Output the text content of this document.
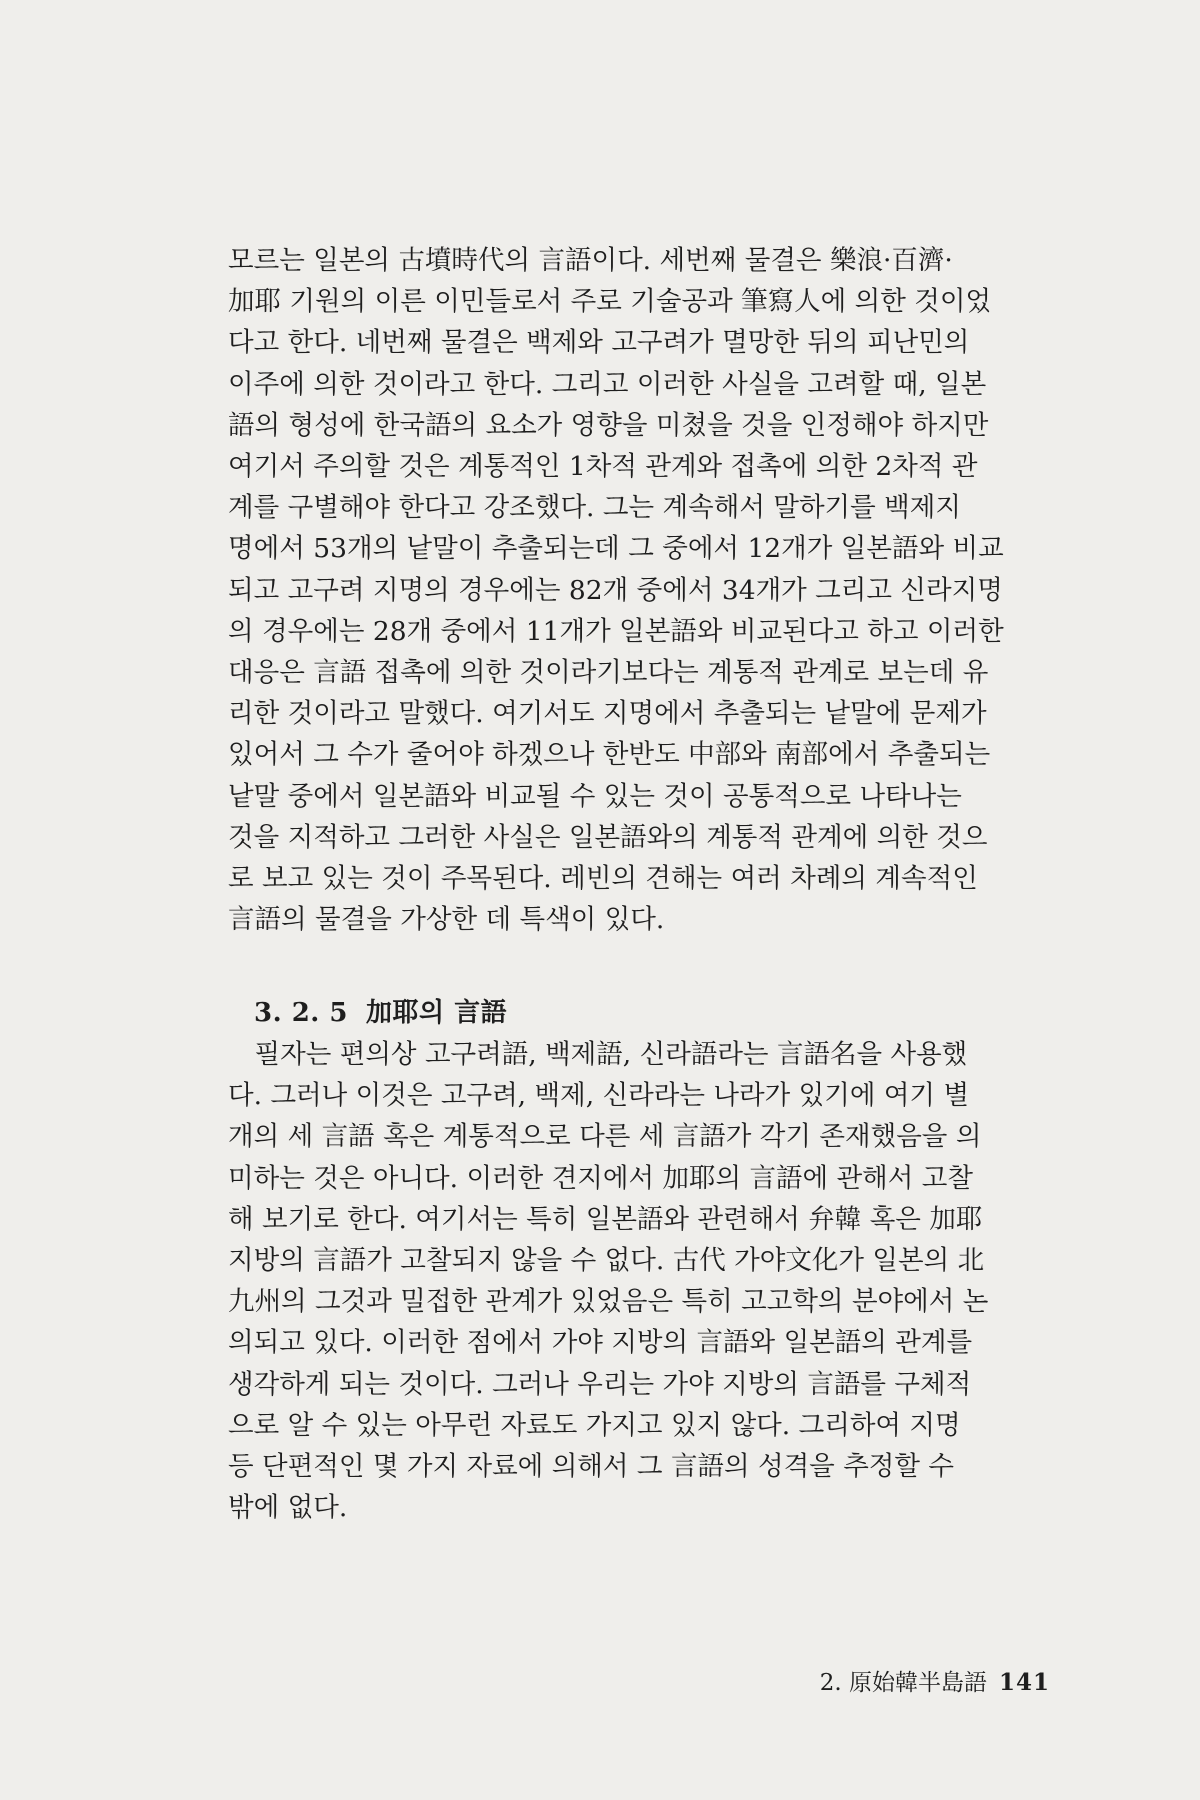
모르는 일본의 古墳時代의 言語이다. 세번째 물결은 樂浪·百濟·
加耶 기원의 이른 이민들로서 주로 기술공과 筆寫人에 의한 것이었
다고 한다. 네번째 물결은 백제와 고구려가 멸망한 뒤의 피난민의
이주에 의한 것이라고 한다. 그리고 이러한 사실을 고려할 때, 일본
語의 형성에 한국語의 요소가 영향을 미쳤을 것을 인정해야 하지만
여기서 주의할 것은 계통적인 1차적 관계와 접촉에 의한 2차적 관
계를 구별해야 한다고 강조했다. 그는 계속해서 말하기를 백제지
명에서 53개의 낱말이 추출되는데 그 중에서 12개가 일본語와 비교
되고 고구려 지명의 경우에는 82개 중에서 34개가 그리고 신라지명
의 경우에는 28개 중에서 11개가 일본語와 비교된다고 하고 이러한
대응은 言語 접촉에 의한 것이라기보다는 계통적 관계로 보는데 유
리한 것이라고 말했다. 여기서도 지명에서 추출되는 낱말에 문제가
있어서 그 수가 줄어야 하겠으나 한반도 中部와 南部에서 추출되는
낱말 중에서 일본語와 비교될 수 있는 것이 공통적으로 나타나는
것을 지적하고 그러한 사실은 일본語와의 계통적 관계에 의한 것으
로 보고 있는 것이 주목된다. 레빈의 견해는 여러 차례의 계속적인
言語의 물결을 가상한 데 특색이 있다.
3. 2. 5 加耶의 言語
　필자는 편의상 고구려語, 백제語, 신라語라는 言語名을 사용했
다. 그러나 이것은 고구려, 백제, 신라라는 나라가 있기에 여기 별
개의 세 言語 혹은 계통적으로 다른 세 言語가 각기 존재했음을 의
미하는 것은 아니다. 이러한 견지에서 加耶의 言語에 관해서 고찰
해 보기로 한다. 여기서는 특히 일본語와 관련해서 弁韓 혹은 加耶
지방의 言語가 고찰되지 않을 수 없다. 古代 가야文化가 일본의 北
九州의 그것과 밀접한 관계가 있었음은 특히 고고학의 분야에서 논
의되고 있다. 이러한 점에서 가야 지방의 言語와 일본語의 관계를
생각하게 되는 것이다. 그러나 우리는 가야 지방의 言語를 구체적
으로 알 수 있는 아무런 자료도 가지고 있지 않다. 그리하여 지명
등 단편적인 몇 가지 자료에 의해서 그 言語의 성격을 추정할 수
밖에 없다.
2. 原始韓半島語 141
